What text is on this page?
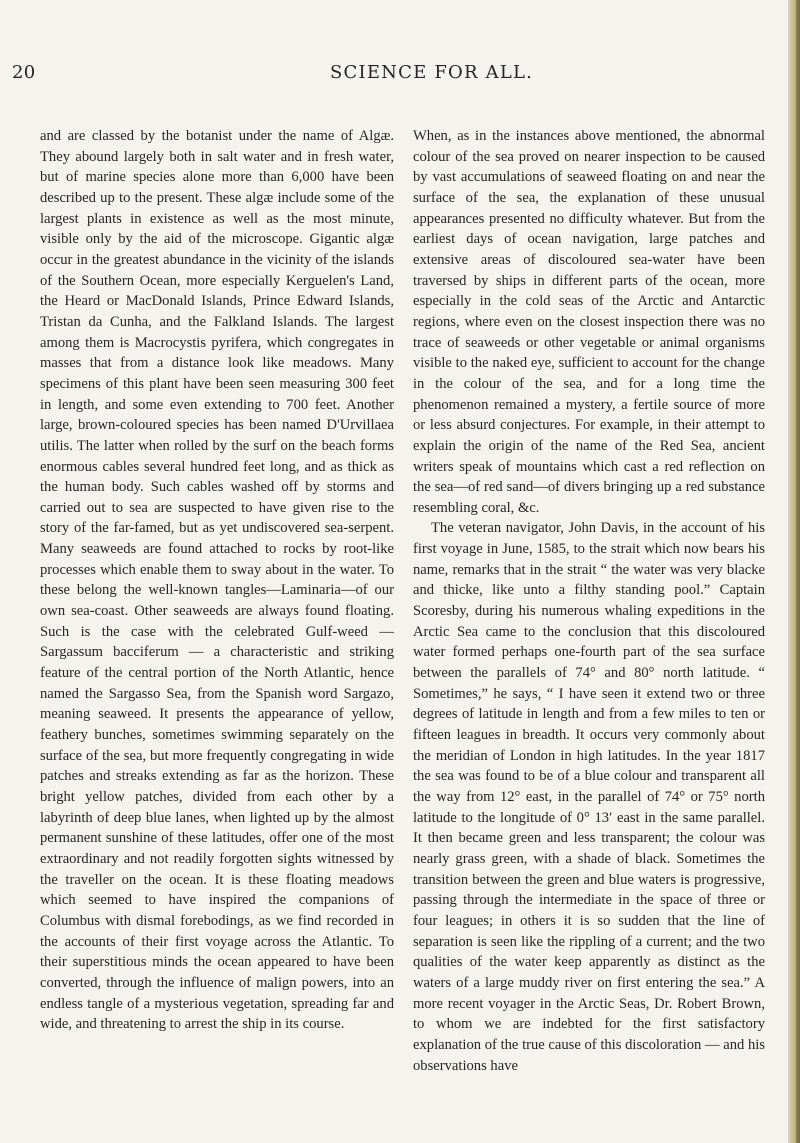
20	SCIENCE FOR ALL.

and are classed by the botanist under the name of Algæ. They abound largely both in salt water and in fresh water, but of marine species alone more than 6,000 have been described up to the present. These algæ include some of the largest plants in existence as well as the most minute, visible only by the aid of the microscope. Gigantic algæ occur in the greatest abundance in the vicinity of the islands of the Southern Ocean, more especially Kerguelen's Land, the Heard or MacDonald Islands, Prince Edward Islands, Tristan da Cunha, and the Falkland Islands. The largest among them is Macrocystis pyrifera, which congregates in masses that from a distance look like meadows. Many specimens of this plant have been seen measuring 300 feet in length, and some even extending to 700 feet. Another large, brown-coloured species has been named D'Urvillaea utilis. The latter when rolled by the surf on the beach forms enormous cables several hundred feet long, and as thick as the human body. Such cables washed off by storms and carried out to sea are suspected to have given rise to the story of the far-famed, but as yet undiscovered sea-serpent. Many seaweeds are found attached to rocks by root-like processes which enable them to sway about in the water. To these belong the well-known tangles—Laminaria—of our own sea-coast. Other seaweeds are always found floating. Such is the case with the celebrated Gulf-weed — Sargassum bacciferum — a characteristic and striking feature of the central portion of the North Atlantic, hence named the Sargasso Sea, from the Spanish word Sargazo, meaning seaweed. It presents the appearance of yellow, feathery bunches, sometimes swimming separately on the surface of the sea, but more frequently congregating in wide patches and streaks extending as far as the horizon. These bright yellow patches, divided from each other by a labyrinth of deep blue lanes, when lighted up by the almost permanent sunshine of these latitudes, offer one of the most extraordinary and not readily forgotten sights witnessed by the traveller on the ocean. It is these floating meadows which seemed to have inspired the companions of Columbus with dismal forebodings, as we find recorded in the accounts of their first voyage across the Atlantic. To their superstitious minds the ocean appeared to have been converted, through the influence of malign powers, into an endless tangle of a mysterious vegetation, spreading far and wide, and threatening to arrest the ship in its course.

When, as in the instances above mentioned, the abnormal colour of the sea proved on nearer inspection to be caused by vast accumulations of seaweed floating on and near the surface of the sea, the explanation of these unusual appearances presented no difficulty whatever. But from the earliest days of ocean navigation, large patches and extensive areas of discoloured sea-water have been traversed by ships in different parts of the ocean, more especially in the cold seas of the Arctic and Antarctic regions, where even on the closest inspection there was no trace of seaweeds or other vegetable or animal organisms visible to the naked eye, sufficient to account for the change in the colour of the sea, and for a long time the phenomenon remained a mystery, a fertile source of more or less absurd conjectures. For example, in their attempt to explain the origin of the name of the Red Sea, ancient writers speak of mountains which cast a red reflection on the sea—of red sand—of divers bringing up a red substance resembling coral, &c.

The veteran navigator, John Davis, in the account of his first voyage in June, 1585, to the strait which now bears his name, remarks that in the strait “ the water was very blacke and thicke, like unto a filthy standing pool.” Captain Scoresby, during his numerous whaling expeditions in the Arctic Sea came to the conclusion that this discoloured water formed perhaps one-fourth part of the sea surface between the parallels of 74° and 80° north latitude. “ Sometimes,” he says, “ I have seen it extend two or three degrees of latitude in length and from a few miles to ten or fifteen leagues in breadth. It occurs very commonly about the meridian of London in high latitudes. In the year 1817 the sea was found to be of a blue colour and transparent all the way from 12° east, in the parallel of 74° or 75° north latitude to the longitude of 0° 13′ east in the same parallel. It then became green and less transparent; the colour was nearly grass green, with a shade of black. Sometimes the transition between the green and blue waters is progressive, passing through the intermediate in the space of three or four leagues; in others it is so sudden that the line of separation is seen like the rippling of a current; and the two qualities of the water keep apparently as distinct as the waters of a large muddy river on first entering the sea.” A more recent voyager in the Arctic Seas, Dr. Robert Brown, to whom we are indebted for the first satisfactory explanation of the true cause of this discoloration — and his observations have
